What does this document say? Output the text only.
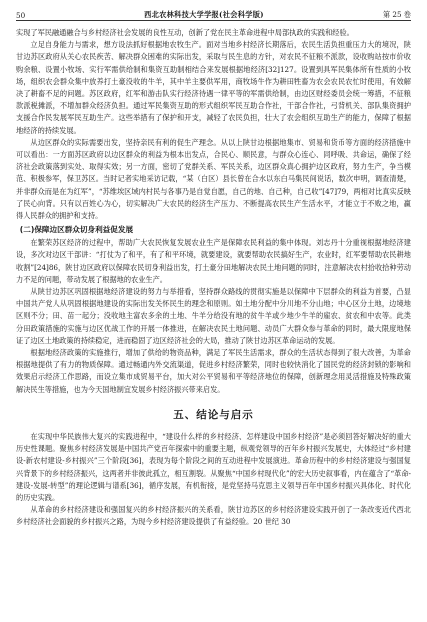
50	西北农林科技大学学报(社会科学版)	第 25 卷

实现了军民融通融合与乡村经济社会发展的良性互动，创新了党在民主革命进程中局部执政的实践和经验。

立足自身能力与需求，想方设法抓好根据地农牧生产。面对当地乡村经济长期落后，农民生活负担重压力大的境况，陕甘边苏区政府从关心农民疾苦、解决群众困难的实际出发，采取与民生息的方针，对农民不征粮不派款，设收购站按市价收购余粮、设置小牧场、实行军需供给制和集资互助制相结合来发展根据地经济[32]127。设置到具军民集体所有性质的小牧场，组织农会群众集中放养打土豪没收的牛羊，其中羊主要供军用，商牧场牛作为耕田牲畜为农会农民农忙时使用，有效解决了耕畜不足的问题。苏区政府，红军和游击队实行经济待遇一律平等的军需供给制，由边区财经委员会统一筹措，不征粮款派税摊派，不增加群众经济负担。通过军民集资互助的形式组织军民互助合作社，干部合作社，弓背机关、部队集资拥护支援合作民发展军民互助生产。这些举措有了保护和开支，减轻了农民负担，壮大了农会组织互助生产的能力，保障了根据地经济的持续发展。

从边区群众的实际需要出发，坚持亲民有利的促生产理念。从以上陕甘边根据地集市、贸易和货币等方面的经济措施中可以看出：一方面苏区政府以边区群众的利益为根本出发点，合民心、顺民意，与群众心连心、同呼吸、共命运，确保了经济社会政策落到实处、取得实效；另一方面，密切了党群关系、军民关系，边区群众真心拥护边区政府，努力生产，争当模范、积极参军，保卫苏区。当时记者实地采访记载，“某（白区）县长曾在合水以东白马集民间说话，数次申明，调查清楚，并非群众而是在为红军”，“苏维埃区域内村民与各事乃是自觉自愿，自己的地、自己种，自己收”[47]79，两相对比真实反映了民心向背。只有以百姓心为心，切实解决广大农民的经济生产压力、不断提高农民生产生活水平，才能立于不败之地，赢得人民群众的拥护和支持。

(二)保障边区群众切身利益促发展

在繁荣苏区经济的过程中，帮助广大农民恢复发展农业生产是保障农民利益的集中体现。刘志丹十分重视根据地经济建设，多次对边区干部讲：“打仗为了和平，有了和平环境，就要建设，就要帮助农民搞好生产，农业时，红军要帮助农民耕地收割”[24]86，陕甘边区政府以保障农民切身利益出发，打土豪分田地解决农民土地问题的同时，注意解决农村拾收拾种劳动力不足的问题，带动发展了根据地的农业生产。

从陕甘边苏区巩固根据地经济建设的努力与举措看，坚持群众路线的贯彻实施是以保障中下层群众的利益为首要，凸显中国共产党人从巩固根据地建设的实际出发关怀民生的理念和原则。如土地分配中分川地不分山地；中心区分土地，边境地区则不分；田、苗一起分；没收地主富农多余的土地、牛羊分给没有地的贫牛羊或少地少牛羊的雇农、贫农和中农等。此类分田政策措施的实施与边区优战工作的开展一体推进，在解决农民土地问题、动员广大群众参与革命的同时，最大限度地保证了边区土地政策的持续稳定，进而稳固了边区经济社会的大局，推动了陕甘边苏区革命运动的发展。

根据地经济政策的实施推行，增加了供给的物资品种，满足了军民生活需求，群众的生活状态得到了很大改善，为革命根据地提供了有力的物质保障。通过畅通内外交流渠道，促进乡村经济繁荣，同时也较快消化了国民党的经济封锁的影响和效果启示经济工作思路，而设立集市成贸易平台，加大对公平贸易和平等经济地位的保障，创新理念用灵活措施及特殊政策解决民生等措施，也为今天国地制宜发展乡村经济振兴带来启发。

五、结论与启示

在实现中华民族伟大复兴的实践进程中，“建设什么样的乡村经济、怎样建设中国乡村经济”是必须回答好解决好的重大历史性课题。聚焦乡村经济发展是中国共产党百年探索中的重要主题，纵观党领导的百年乡村振兴发展史，大体经过“乡村建设-新农村建设-乡村振兴”三个阶段[36]，表现为每个阶段之间的互动进程中发展演进。革命历程中的乡村经济建设与强国复兴背景下的乡村经济振兴，这两者并非彼此孤立，相互割裂。从聚焦“中国乡村现代化”的宏大历史叙事看，内在蕴含了“革命-建设-发展-转型”的理论逻辑与谱系[36]，循序发展，有机衔接，是党坚持马克思主义领导百年中国乡村振兴具体化、时代化的历史实践。

从革命的乡村经济建设和强国复兴的乡村经济振兴的关系看，陕甘边苏区的乡村经济建设实践开创了一条改变近代西北乡村经济社会面貌的乡村振兴之路，为现今乡村经济建设提供了有益经验。20 世纪 30
